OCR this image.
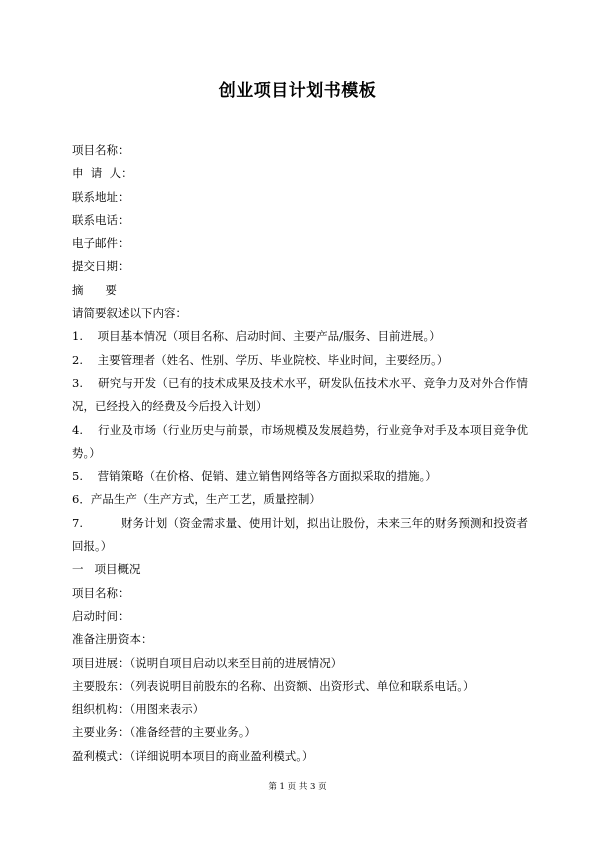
创业项目计划书模板
项目名称：
申  请  人：
联系地址：
联系电话：
电子邮件：
提交日期：
摘      要
请简要叙述以下内容：
1.    项目基本情况（项目名称、启动时间、主要产品/服务、目前进展。）
2.    主要管理者（姓名、性别、学历、毕业院校、毕业时间，主要经历。）
3.    研究与开发（已有的技术成果及技术水平，研发队伍技术水平、竞争力及对外合作情况，已经投入的经费及今后投入计划）
4.    行业及市场（行业历史与前景，市场规模及发展趋势，行业竞争对手及本项目竞争优势。）
5.    营销策略（在价格、促销、建立销售网络等各方面拟采取的措施。）
6．产品生产（生产方式，生产工艺，质量控制）
7.          财务计划（资金需求量、使用计划，拟出让股份，未来三年的财务预测和投资者回报。）
一   项目概况
项目名称：
启动时间：
准备注册资本：
项目进展：（说明自项目启动以来至目前的进展情况）
主要股东：（列表说明目前股东的名称、出资额、出资形式、单位和联系电话。）
组织机构：（用图来表示）
主要业务：（准备经营的主要业务。）
盈利模式：（详细说明本项目的商业盈利模式。）
第 1 页 共 3 页
